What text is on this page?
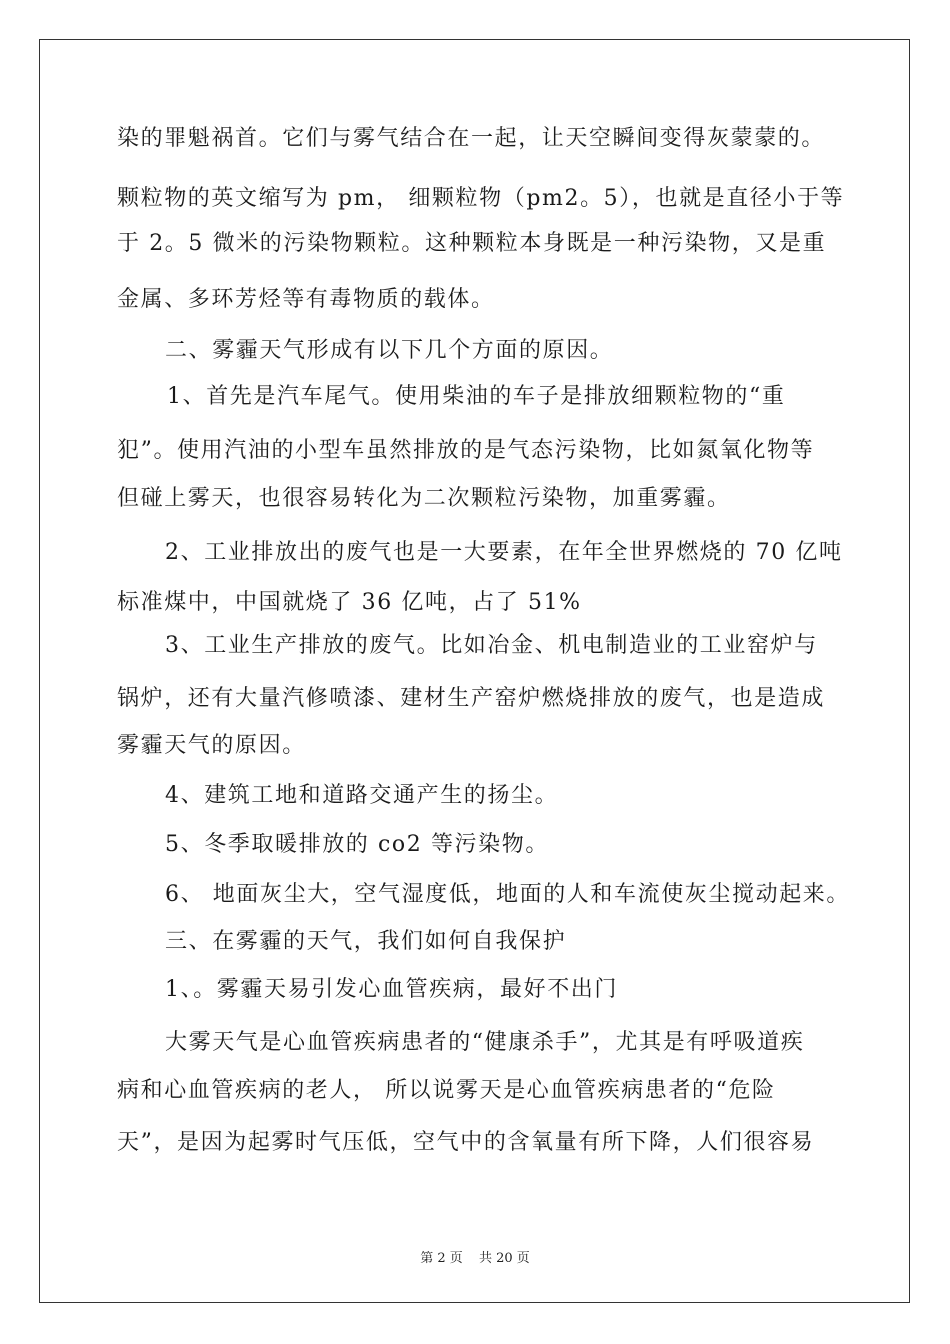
染的罪魁祸首。它们与雾气结合在一起，让天空瞬间变得灰蒙蒙的。
颗粒物的英文缩写为 pm， 细颗粒物（pm2。5），也就是直径小于等
于 2。5 微米的污染物颗粒。这种颗粒本身既是一种污染物，又是重
金属、多环芳烃等有毒物质的载体。
二、雾霾天气形成有以下几个方面的原因。
1、首先是汽车尾气。使用柴油的车子是排放细颗粒物的“重
犯”。使用汽油的小型车虽然排放的是气态污染物，比如氮氧化物等
但碰上雾天，也很容易转化为二次颗粒污染物，加重雾霾。
2、工业排放出的废气也是一大要素，在年全世界燃烧的 70 亿吨
标准煤中，中国就烧了 36 亿吨，占了 51%
3、工业生产排放的废气。比如冶金、机电制造业的工业窑炉与
锅炉，还有大量汽修喷漆、建材生产窑炉燃烧排放的废气，也是造成
雾霾天气的原因。
4、建筑工地和道路交通产生的扬尘。
5、冬季取暖排放的 co2 等污染物。
6、 地面灰尘大，空气湿度低，地面的人和车流使灰尘搅动起来。
三、在雾霾的天气，我们如何自我保护
1、。雾霾天易引发心血管疾病，最好不出门
大雾天气是心血管疾病患者的“健康杀手”，尤其是有呼吸道疾
病和心血管疾病的老人， 所以说雾天是心血管疾病患者的“危险
天”，是因为起雾时气压低，空气中的含氧量有所下降，人们很容易
第 2 页 共 20 页
